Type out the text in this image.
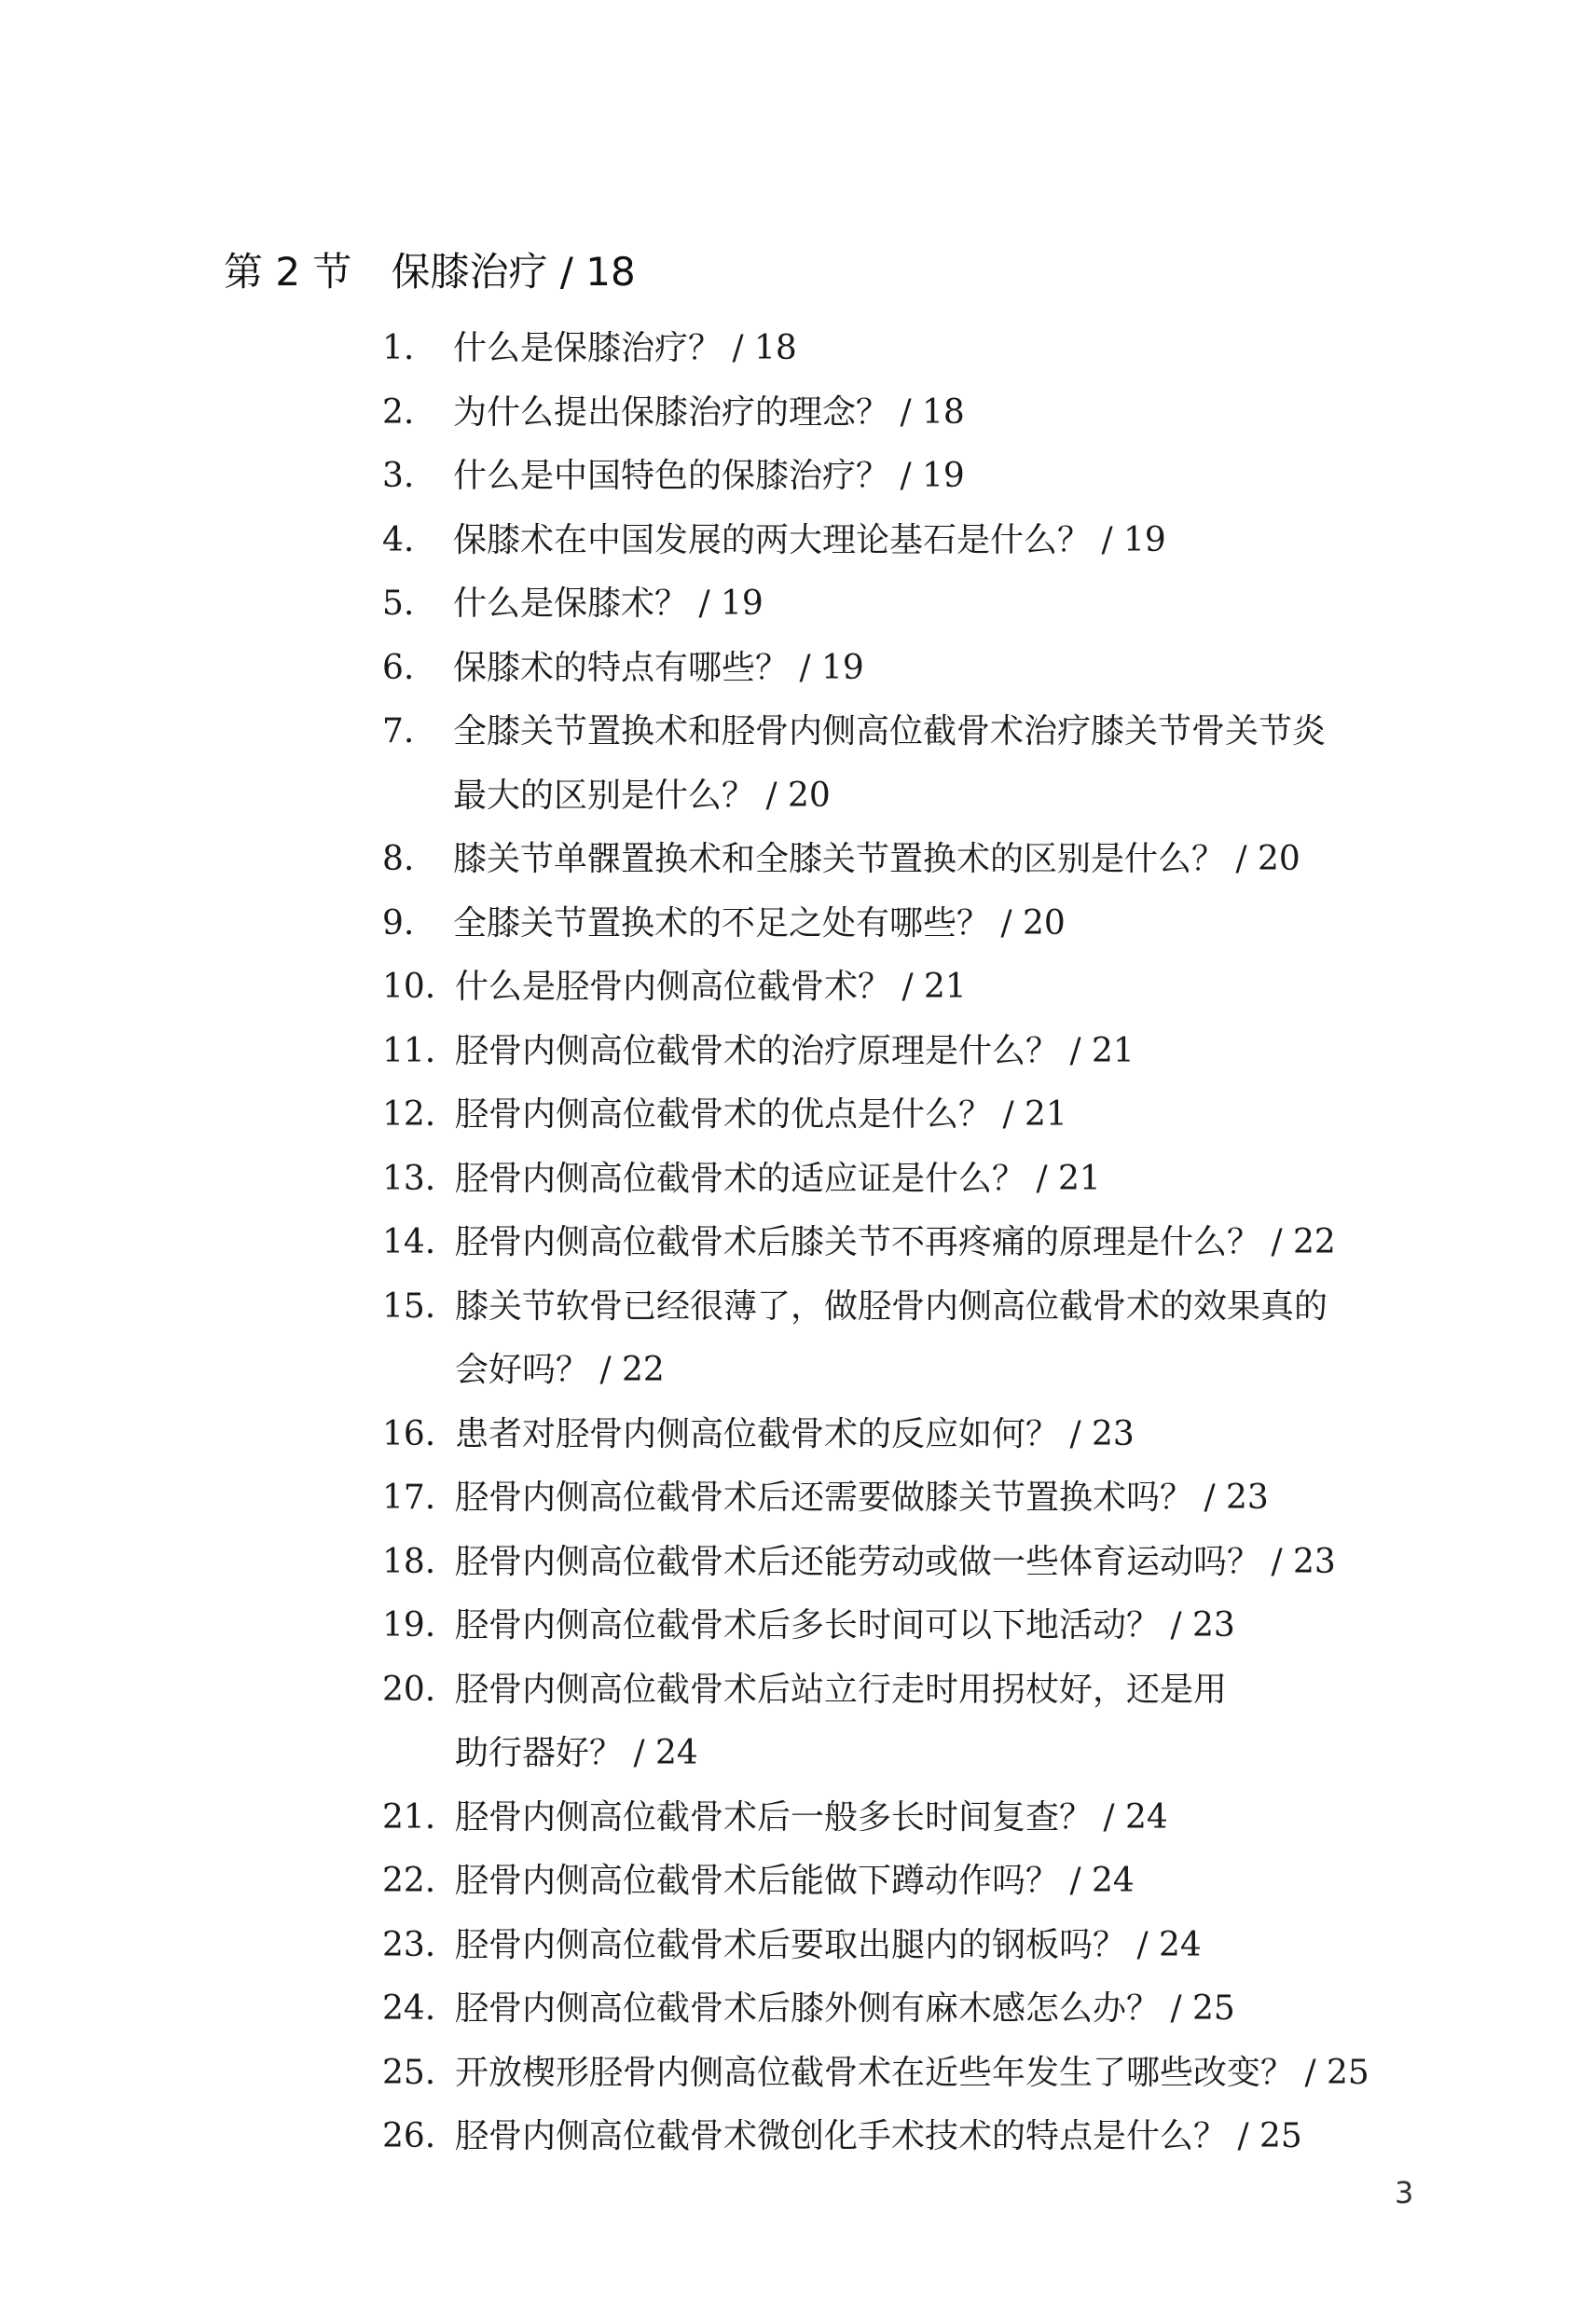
第 2 节 保膝治疗 / 18
1.	什么是保膝治疗？ / 18
2.	为什么提出保膝治疗的理念？ / 18
3.	什么是中国特色的保膝治疗？ / 19
4.	保膝术在中国发展的两大理论基石是什么？ / 19
5.	什么是保膝术？ / 19
6.	保膝术的特点有哪些？ / 19
7.	全膝关节置换术和胫骨内侧高位截骨术治疗膝关节骨关节炎
最大的区别是什么？ / 20
8.	膝关节单髁置换术和全膝关节置换术的区别是什么？ / 20
9.	全膝关节置换术的不足之处有哪些？ / 20
10. 什么是胫骨内侧高位截骨术？ / 21
11. 胫骨内侧高位截骨术的治疗原理是什么？ / 21
12. 胫骨内侧高位截骨术的优点是什么？ / 21
13. 胫骨内侧高位截骨术的适应证是什么？ / 21
14. 胫骨内侧高位截骨术后膝关节不再疼痛的原理是什么？ / 22
15. 膝关节软骨已经很薄了，做胫骨内侧高位截骨术的效果真的
会好吗？ / 22
16. 患者对胫骨内侧高位截骨术的反应如何？ / 23
17. 胫骨内侧高位截骨术后还需要做膝关节置换术吗？ / 23
18. 胫骨内侧高位截骨术后还能劳动或做一些体育运动吗？ / 23
19. 胫骨内侧高位截骨术后多长时间可以下地活动？ / 23
20. 胫骨内侧高位截骨术后站立行走时用拐杖好，还是用
助行器好？ / 24
21. 胫骨内侧高位截骨术后一般多长时间复查？ / 24
22. 胫骨内侧高位截骨术后能做下蹲动作吗？ / 24
23. 胫骨内侧高位截骨术后要取出腿内的钢板吗？ / 24
24. 胫骨内侧高位截骨术后膝外侧有麻木感怎么办？ / 25
25. 开放楔形胫骨内侧高位截骨术在近些年发生了哪些改变？ / 25
26. 胫骨内侧高位截骨术微创化手术技术的特点是什么？ / 25
3
